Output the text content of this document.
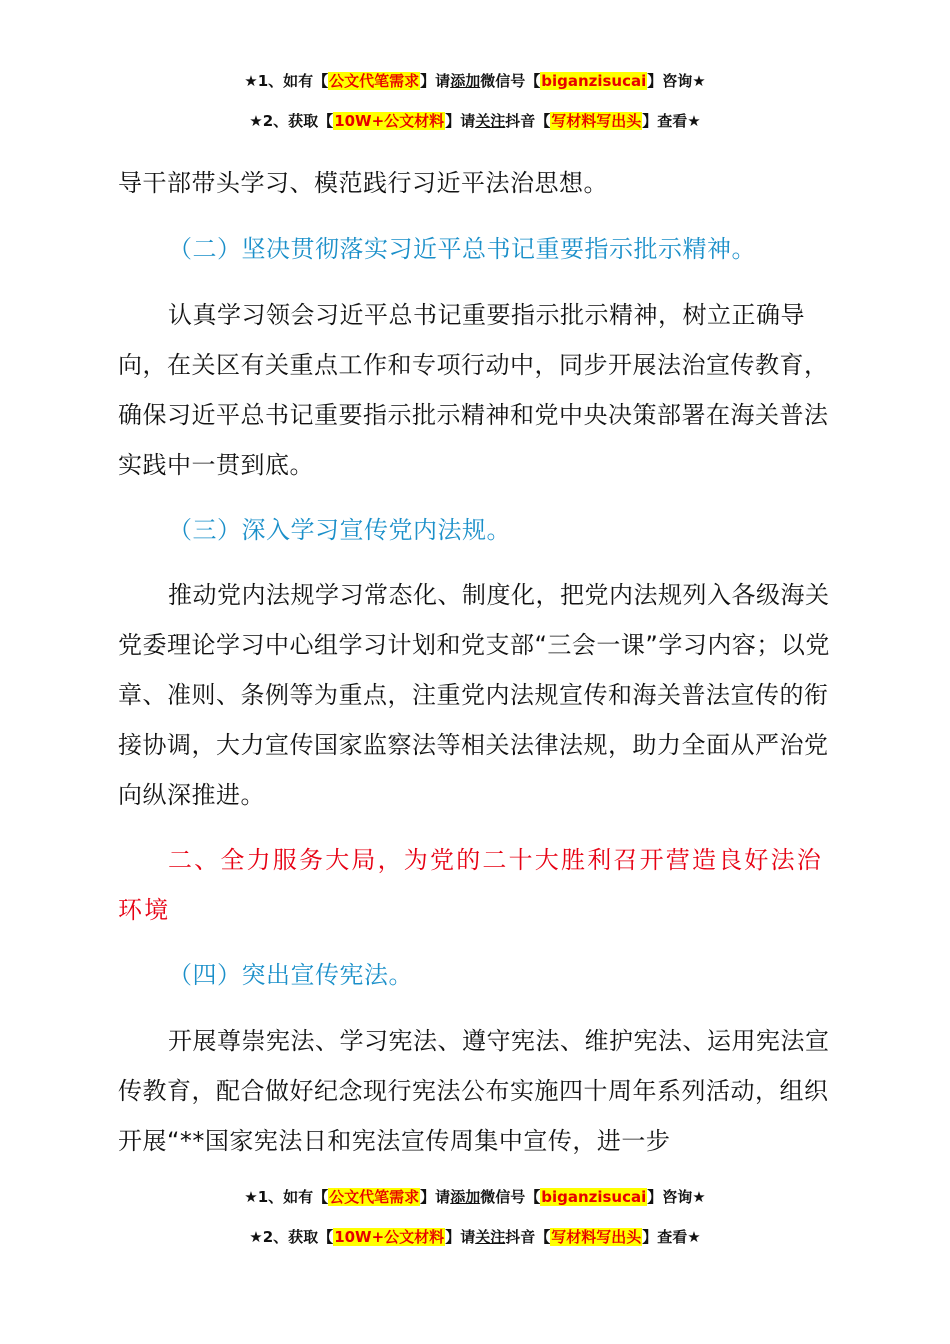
★1、如有【公文代笔需求】请添加微信号【biganzisucai】咨询★
★2、获取【10W+公文材料】请关注抖音【写材料写出头】查看★

导干部带头学习、模范践行习近平法治思想。

（二）坚决贯彻落实习近平总书记重要指示批示精神。

认真学习领会习近平总书记重要指示批示精神，树立正确导向，在关区有关重点工作和专项行动中，同步开展法治宣传教育，确保习近平总书记重要指示批示精神和党中央决策部署在海关普法实践中一贯到底。

（三）深入学习宣传党内法规。

推动党内法规学习常态化、制度化，把党内法规列入各级海关党委理论学习中心组学习计划和党支部“三会一课”学习内容；以党章、准则、条例等为重点，注重党内法规宣传和海关普法宣传的衔接协调，大力宣传国家监察法等相关法律法规，助力全面从严治党向纵深推进。

二、全力服务大局，为党的二十大胜利召开营造良好法治环境

（四）突出宣传宪法。

开展尊崇宪法、学习宪法、遵守宪法、维护宪法、运用宪法宣传教育，配合做好纪念现行宪法公布实施四十周年系列活动，组织开展“**国家宪法日和宪法宣传周集中宣传，进一步

★1、如有【公文代笔需求】请添加微信号【biganzisucai】咨询★
★2、获取【10W+公文材料】请关注抖音【写材料写出头】查看★
